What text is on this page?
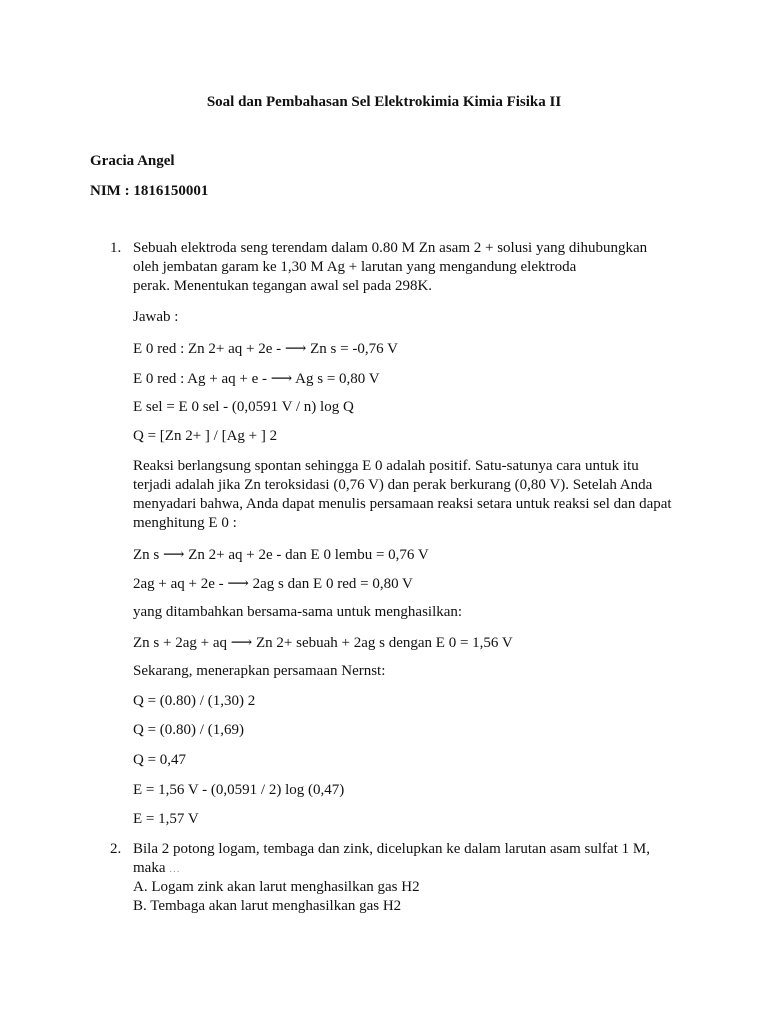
Soal dan Pembahasan Sel Elektrokimia Kimia Fisika II
Gracia Angel
NIM : 1816150001
1. Sebuah elektroda seng terendam dalam 0.80 M Zn asam 2 + solusi yang dihubungkan
oleh jembatan garam ke 1,30 M Ag + larutan yang mengandung elektroda
perak. Menentukan tegangan awal sel pada 298K.
Jawab :
E 0 red : Zn 2+ aq + 2e - ⟶ Zn s = -0,76 V
E 0 red : Ag + aq + e - ⟶ Ag s = 0,80 V
E sel = E 0 sel - (0,0591 V / n) log Q
Q = [Zn 2+ ] / [Ag + ] 2
Reaksi berlangsung spontan sehingga E 0 adalah positif. Satu-satunya cara untuk itu
terjadi adalah jika Zn teroksidasi (0,76 V) dan perak berkurang (0,80 V). Setelah Anda
menyadari bahwa, Anda dapat menulis persamaan reaksi setara untuk reaksi sel dan dapat
menghitung E 0 :
Zn s ⟶ Zn 2+ aq + 2e - dan E 0 lembu = 0,76 V
2ag + aq + 2e - ⟶ 2ag s dan E 0 red = 0,80 V
yang ditambahkan bersama-sama untuk menghasilkan:
Zn s + 2ag + aq ⟶ Zn 2+ sebuah + 2ag s dengan E 0 = 1,56 V
Sekarang, menerapkan persamaan Nernst:
Q = (0.80) / (1,30) 2
Q = (0.80) / (1,69)
Q = 0,47
E = 1,56 V - (0,0591 / 2) log (0,47)
E = 1,57 V
2. Bila 2 potong logam, tembaga dan zink, dicelupkan ke dalam larutan asam sulfat 1 M,
maka ...
A. Logam zink akan larut menghasilkan gas H2
B. Tembaga akan larut menghasilkan gas H2
